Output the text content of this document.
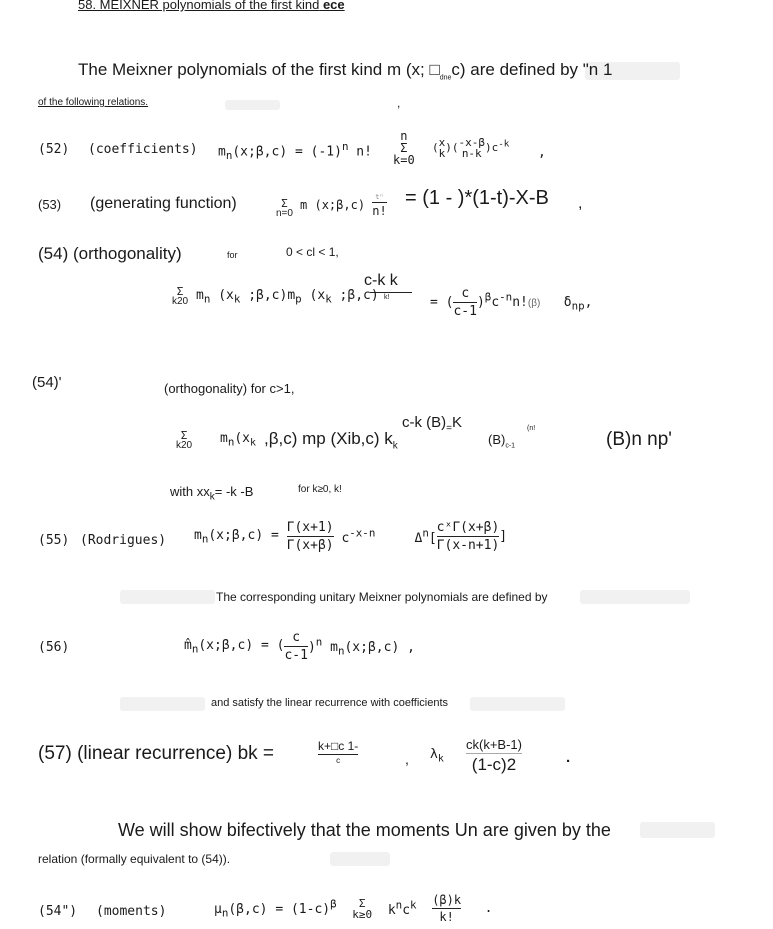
58. MEIXNER polynomials of the first kind ece
The Meixner polynomials of the first kind m (x; $□_{dne}c$) are defined by "n 1
of the following relations.	,
(52) (coefficients) $m_n(x;\beta,c) = (-1)^n$ n!
n
Σ
k=0
( x
k )( -x-β
n-k )$c^{-k}$
,
(53) (generating function)
	Σ
n=0
m (x;β,c) $\frac{\text{tⁿ}}{n!} = (1 - )*(1-t)-X-B$ ,
(54) (orthogonality)	for	0 < cl < 1,
c-k k
k!
Σ
k20 $m_n$ ($x_k$ $;\beta,c)m_p$ ($x_k$ ;β,c)	= ( $\frac{c}{c-1} )^\beta c^{-n}n!(\beta)$ $\delta_{np}$,
(54)'	(orthogonality) for c>1,
c-k $(B)_=K$
Σ
k20 $m_n(x_k$ ,β,c) mp (Xib,c) $k_k$	$(B)_{c-1}$
(n!
(B)n np'
with $xx_k= -k$ -B	for k≥0, k!
(55) (Rodrigues) $m_n(x;\beta,c) = \frac{\Gamma(x+1)}{\Gamma(x+\beta)} c^{-x-n}$	$\Delta^n[ \frac{\text{cˣΓ(x+β)}}{\Gamma(x-n+1)}$ ]
The corresponding unitary Meixner polynomials are defined by
(56)	$m̂_n(x;\beta,c)$ = ( $\frac{c}{c-1} )^n$ $m_n(x;\beta,c)$ ,
and satisfy the linear recurrence with coefficients
(57) (linear recurrence) bk =	$\frac{k+□c 1-}{c}$	, $\lambda_k \frac{ck(k+B-1)}{(1-c)2}$	.
We will show bifectively that the moments Un are given by the
relation (formally equivalent to (54)).
(54") (moments)	$\mu_n(\beta,c) = (1-c)^\beta$ Σ
k≥0 $k^nc^k \frac{(\beta)k}{k!}$ .
